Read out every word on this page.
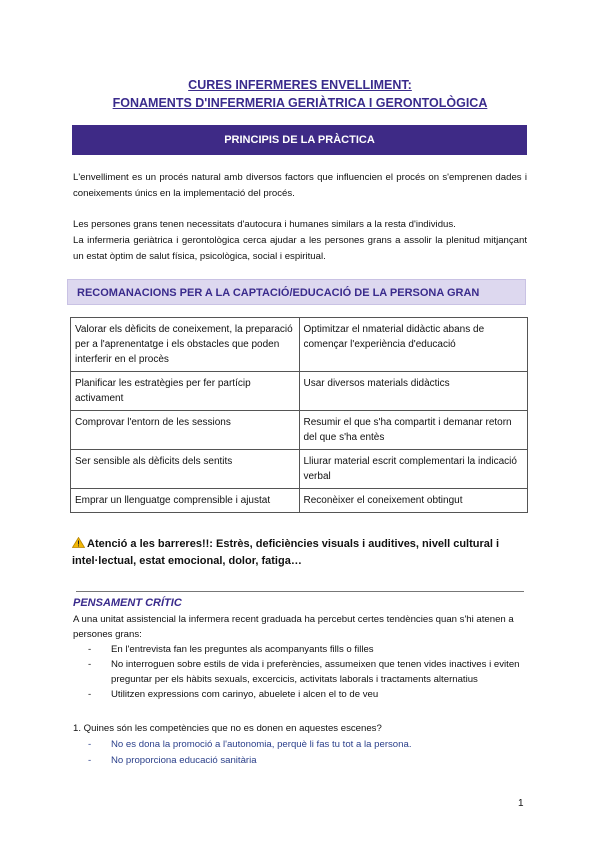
CURES INFERMERES ENVELLIMENT:
FONAMENTS D'INFERMERIA GERIÀTRICA I GERONTOLÒGICA
PRINCIPIS DE LA PRÀCTICA
L'envelliment es un procés natural amb diversos factors que influencien el procés on s'emprenen dades i coneixements únics en la implementació del procés.
Les persones grans tenen necessitats d'autocura i humanes similars a la resta d'individus.
La infermeria geriàtrica i gerontològica cerca ajudar a les persones grans a assolir la plenitud mitjançant un estat òptim de salut física, psicològica, social i espiritual.
RECOMANACIONS PER A LA CAPTACIÓ/EDUCACIÓ DE LA PERSONA GRAN
Valorar els dèficits de coneixement, la preparació per a l'aprenentatge i els obstacles que poden interferir en el procès	Optimitzar el nmaterial didàctic abans de començar l'experiència d'educació
Planificar les estratègies per fer partícip activament	Usar diversos materials didàctics
Comprovar l'entorn de les sessions	Resumir el que s'ha compartit i demanar retorn del que s'ha entès
Ser sensible als dèficits dels sentits	Lliurar material escrit complementari la indicació verbal
Emprar un llenguatge comprensible i ajustat	Reconèixer el coneixement obtingut
Atenció a les barreres!!: Estrès, deficiències visuals i auditives, nivell cultural i intel·lectual, estat emocional, dolor, fatiga…
PENSAMENT CRÍTIC
A una unitat assistencial la infermera recent graduada ha percebut certes tendències quan s'hi atenen a persones grans:
- En l'entrevista fan les preguntes als acompanyants fills o filles
- No interroguen sobre estils de vida i preferències, assumeixen que tenen vides inactives i eviten preguntar per els hàbits sexuals, excercicis, activitats laborals i tractaments alternatius
- Utilitzen expressions com carinyo, abuelete i alcen el to de veu
1. Quines són les competències que no es donen en aquestes escenes?
- No es dona la promoció a l'autonomia, perquè li fas tu tot a la persona.
- No proporciona educació sanitària
1
